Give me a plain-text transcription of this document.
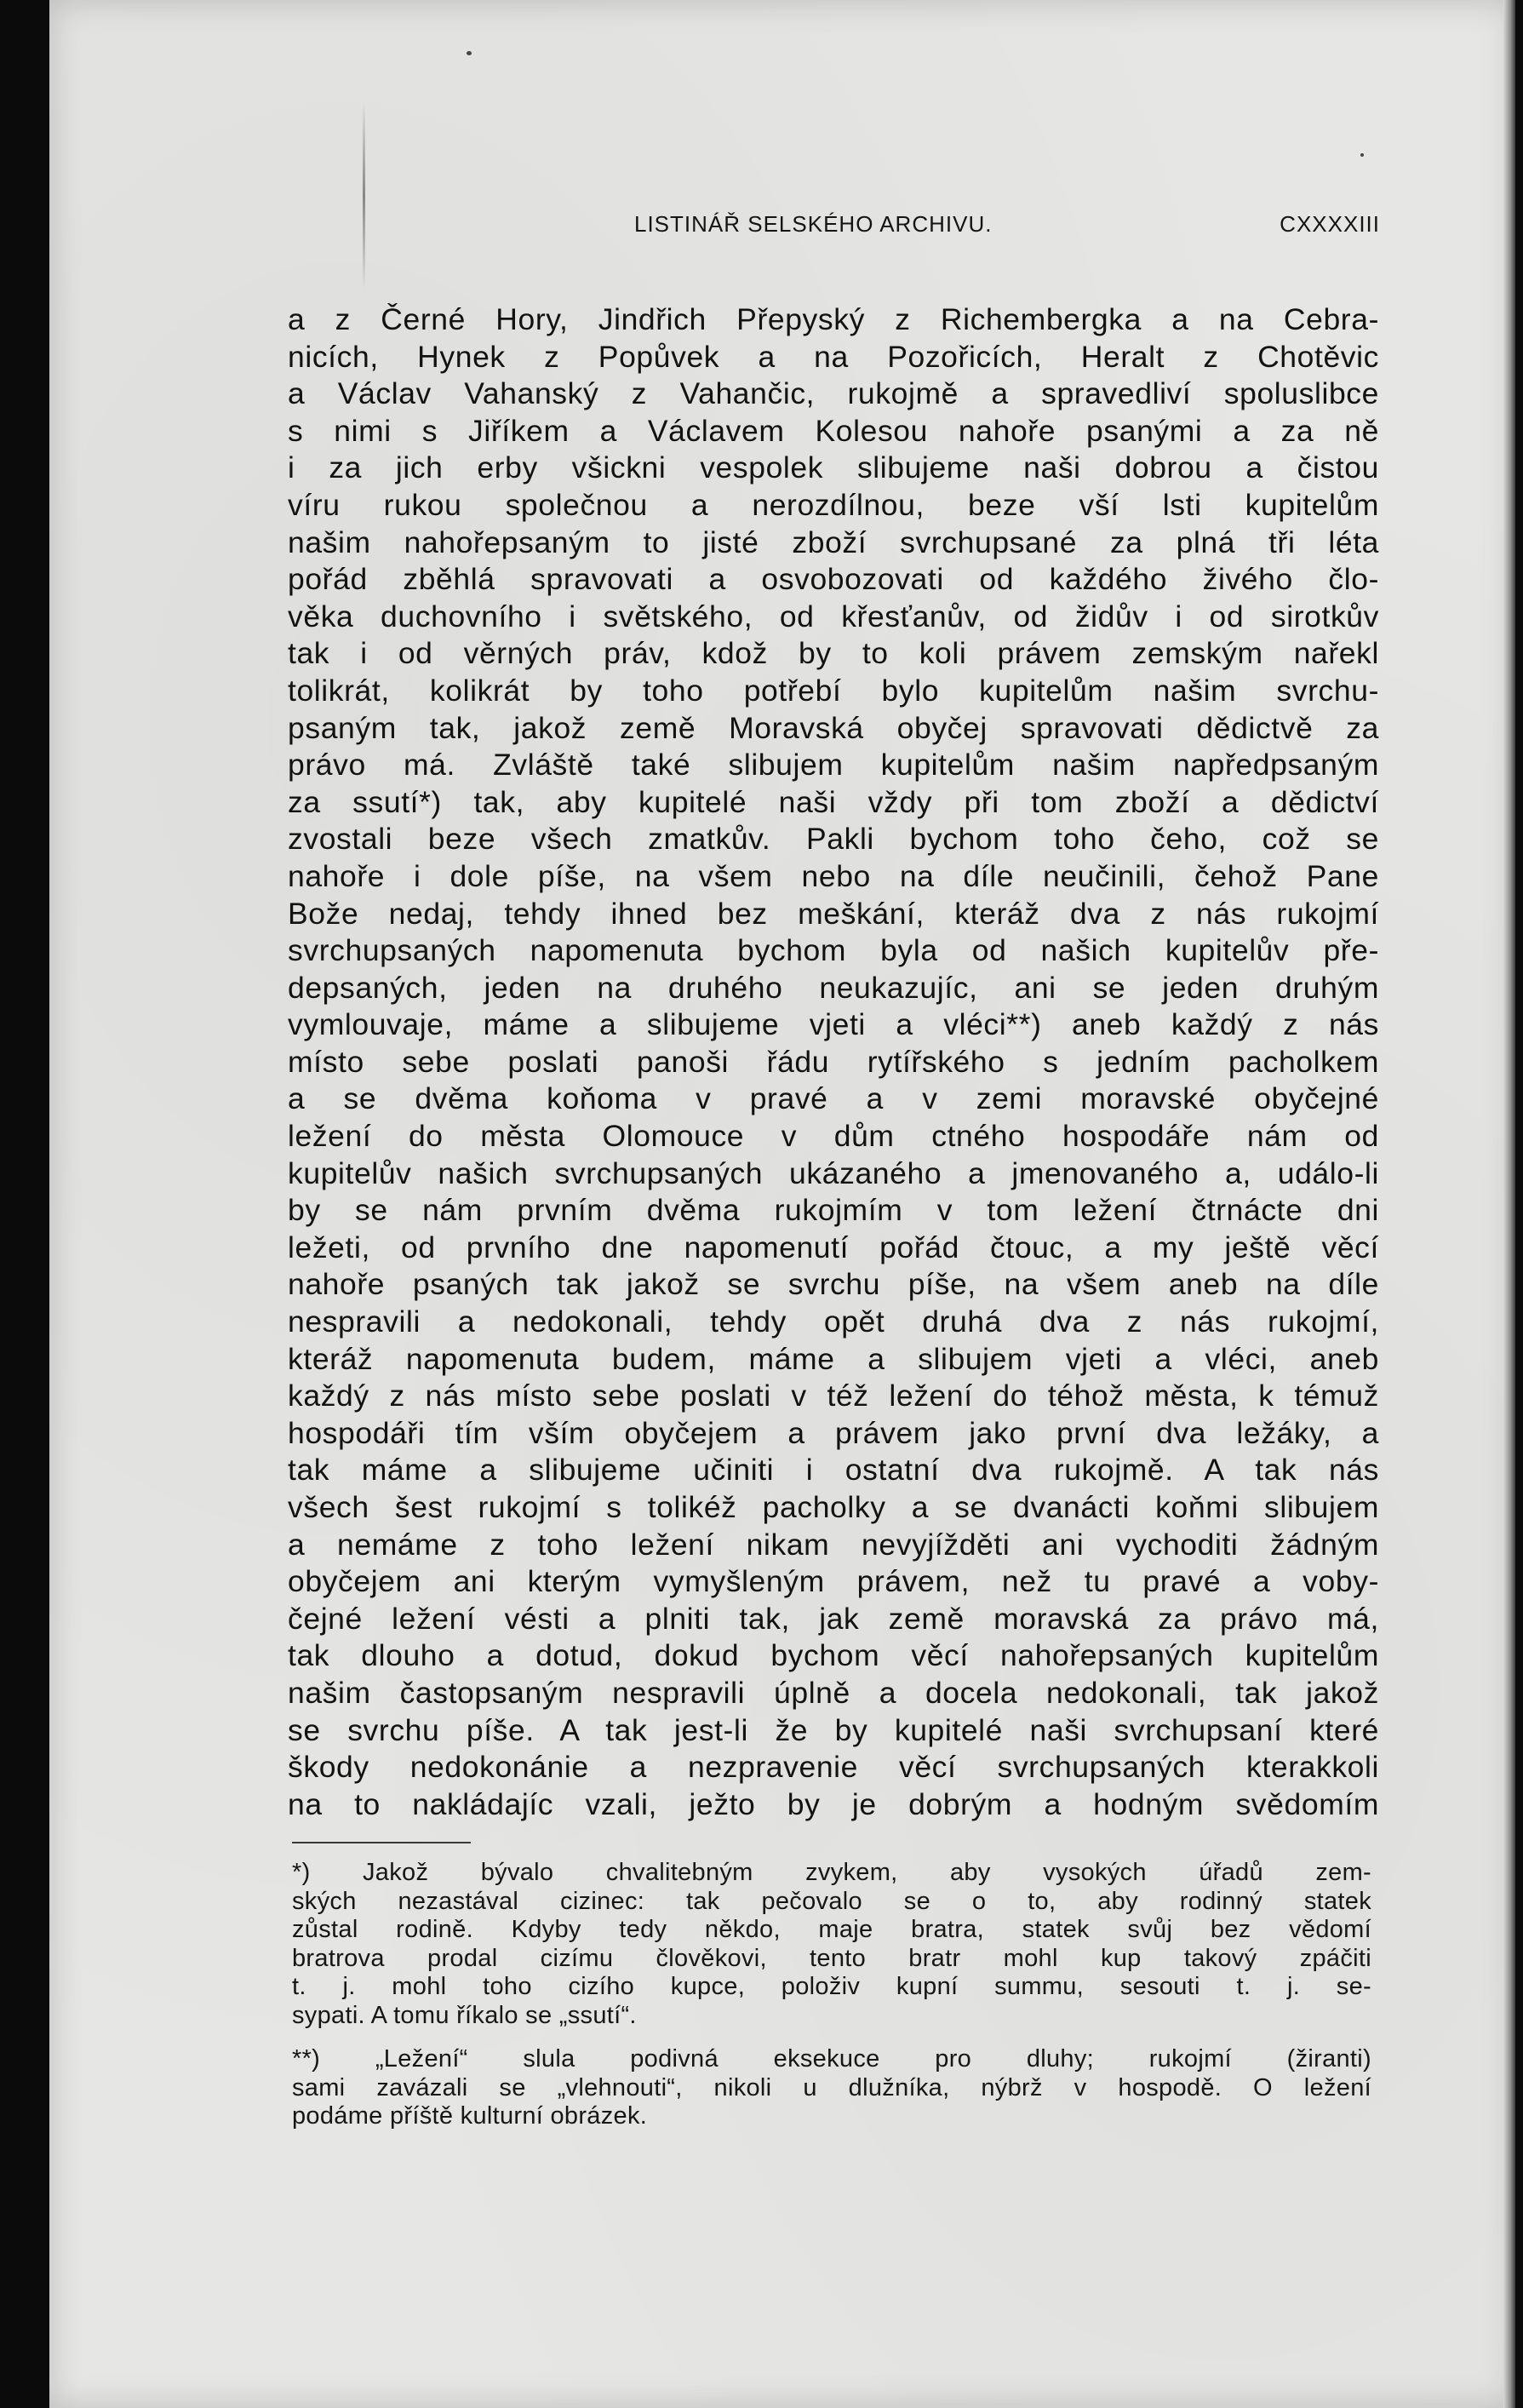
LISTINÁŘ SELSKÉHO ARCHIVU.	CXXXXIII
a z Černé Hory, Jindřich Přepyský z Richembergka a na Cebra-
nicích, Hynek z Popůvek a na Pozořicích, Heralt z Chotěvic
a Václav Vahanský z Vahančic, rukojmě a spravedliví spoluslibce
s nimi s Jiříkem a Václavem Kolesou nahoře psanými a za ně
i za jich erby všickni vespolek slibujeme naši dobrou a čistou
víru rukou společnou a nerozdílnou, beze vší lsti kupitelům
našim nahořepsaným to jisté zboží svrchupsané za plná tři léta
pořád zběhlá spravovati a osvobozovati od každého živého člo-
věka duchovního i světského, od křesťanův, od židův i od sirotkův
tak i od věrných práv, kdož by to koli právem zemským nařekl
tolikrát, kolikrát by toho potřebí bylo kupitelům našim svrchu-
psaným tak, jakož země Moravská obyčej spravovati dědictvě za
právo má. Zvláště také slibujem kupitelům našim napředpsaným
za ssutí*) tak, aby kupitelé naši vždy při tom zboží a dědictví
zvostali beze všech zmatkův. Pakli bychom toho čeho, což se
nahoře i dole píše, na všem nebo na díle neučinili, čehož Pane
Bože nedaj, tehdy ihned bez meškání, kteráž dva z nás rukojmí
svrchupsaných napomenuta bychom byla od našich kupitelův pře-
depsaných, jeden na druhého neukazujíc, ani se jeden druhým
vymlouvaje, máme a slibujeme vjeti a vléci**) aneb každý z nás
místo sebe poslati panoši řádu rytířského s jedním pacholkem
a se dvěma koňoma v pravé a v zemi moravské obyčejné
ležení do města Olomouce v dům ctného hospodáře nám od
kupitelův našich svrchupsaných ukázaného a jmenovaného a, událo-li
by se nám prvním dvěma rukojmím v tom ležení čtrnácte dni
ležeti, od prvního dne napomenutí pořád čtouc, a my ještě věcí
nahoře psaných tak jakož se svrchu píše, na všem aneb na díle
nespravili a nedokonali, tehdy opět druhá dva z nás rukojmí,
kteráž napomenuta budem, máme a slibujem vjeti a vléci, aneb
každý z nás místo sebe poslati v též ležení do téhož města, k témuž
hospodáři tím vším obyčejem a právem jako první dva ležáky, a
tak máme a slibujeme učiniti i ostatní dva rukojmě. A tak nás
všech šest rukojmí s tolikéž pacholky a se dvanácti koňmi slibujem
a nemáme z toho ležení nikam nevyjížděti ani vychoditi žádným
obyčejem ani kterým vymyšleným právem, než tu pravé a voby-
čejné ležení vésti a plniti tak, jak země moravská za právo má,
tak dlouho a dotud, dokud bychom věcí nahořepsaných kupitelům
našim častopsaným nespravili úplně a docela nedokonali, tak jakož
se svrchu píše. A tak jest-li že by kupitelé naši svrchupsaní které
škody nedokonánie a nezpravenie věcí svrchupsaných kterakkoli
na to nakládajíc vzali, ježto by je dobrým a hodným svědomím
*) Jakož bývalo chvalitebným zvykem, aby vysokých úřadů zem-
ských nezastával cizinec: tak pečovalo se o to, aby rodinný statek
zůstal rodině. Kdyby tedy někdo, maje bratra, statek svůj bez vědomí
bratrova prodal cizímu člověkovi, tento bratr mohl kup takový zpáčiti
t. j. mohl toho cizího kupce, položiv kupní summu, sesouti t. j. se-
sypati. A tomu říkalo se „ssutí“.
**) „Ležení“ slula podivná eksekuce pro dluhy; rukojmí (žiranti)
sami zavázali se „vlehnouti“, nikoli u dlužníka, nýbrž v hospodě. O ležení
podáme příště kulturní obrázek.
